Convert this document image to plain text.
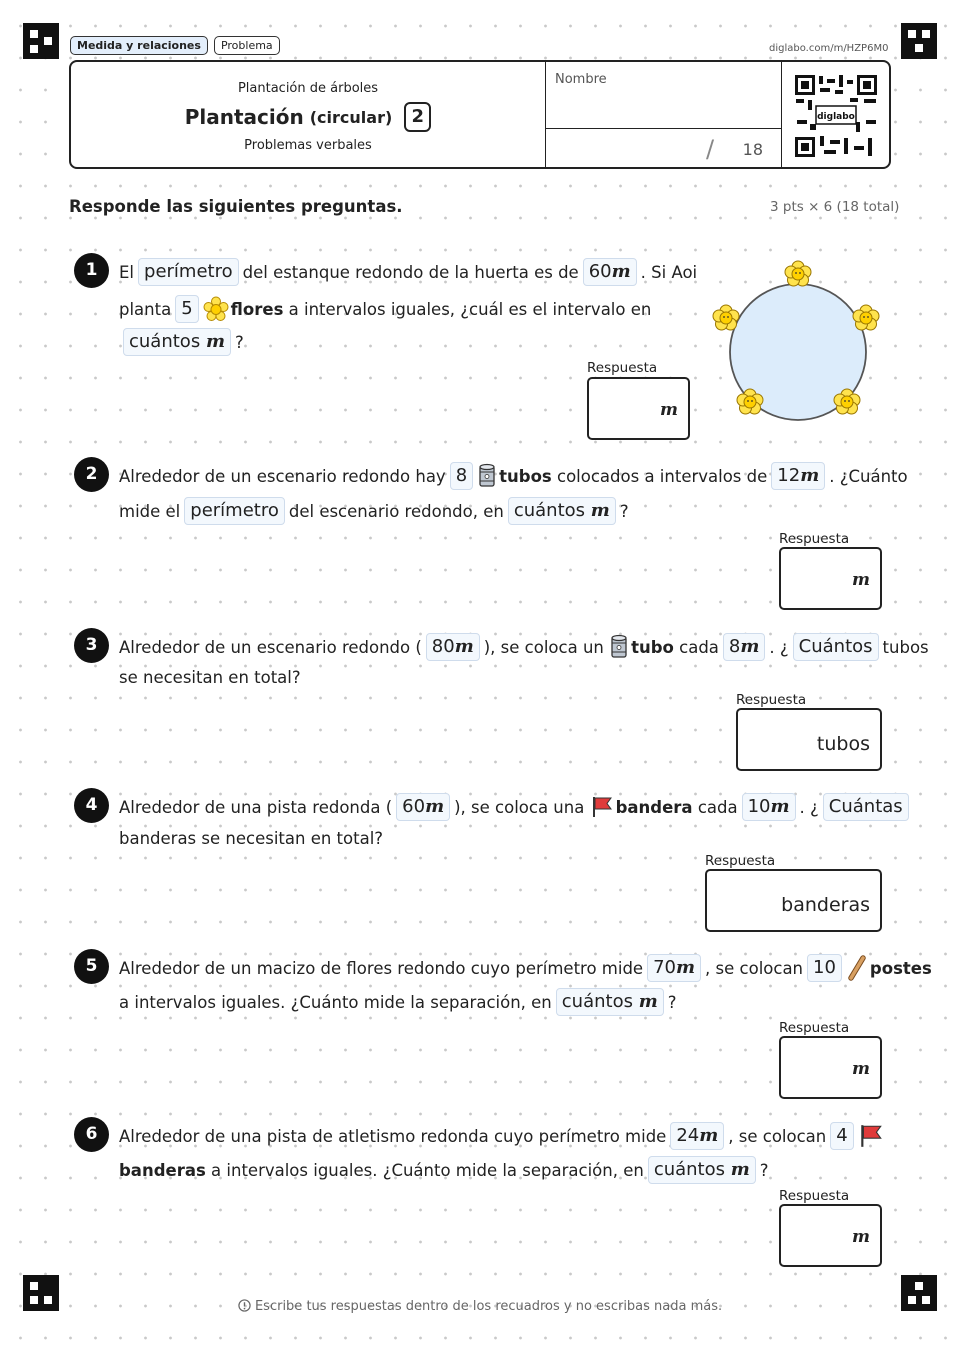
Medida y relaciones	Problema	diglabo.com/m/HZP6M0
Plantación de árboles
Plantación (circular)	2
Problemas verbales
Nombre
/ 18
diglabo
Responde las siguientes preguntas.	3 pts × 6 (18 total)
1	El perímetro del estanque redondo de la huerta es de 60m . Si Aoi
planta 5	flores
a intervalos iguales, ¿cuál es el intervalo en
cuántos m ?
Respuesta
m
2	Alrededor de un escenario redondo hay 8	tubos
colocados a intervalos de 12m . ¿Cuánto
mide el perímetro del escenario redondo, en cuántos m ?
Respuesta
m
3	Alrededor de un escenario redondo ( 80m ), se coloca un
tubo
cada 8m . ¿ Cuántos tubos
se necesitan en total?
Respuesta
tubos
4	Alrededor de una pista redonda ( 60m ), se coloca una
bandera
cada 10m . ¿ Cuántas
banderas se necesitan en total?
Respuesta
banderas
5	Alrededor de un macizo de flores redondo cuyo perímetro mide 70m , se colocan 10	postes
a intervalos iguales. ¿Cuánto mide la separación, en cuántos m ?
Respuesta
m
6	Alrededor de una pista de atletismo redonda cuyo perímetro mide 24m , se colocan 4
banderas
a intervalos iguales. ¿Cuánto mide la separación, en cuántos m ?
Respuesta
m
Escribe tus respuestas dentro de los recuadros y no escribas nada más.
